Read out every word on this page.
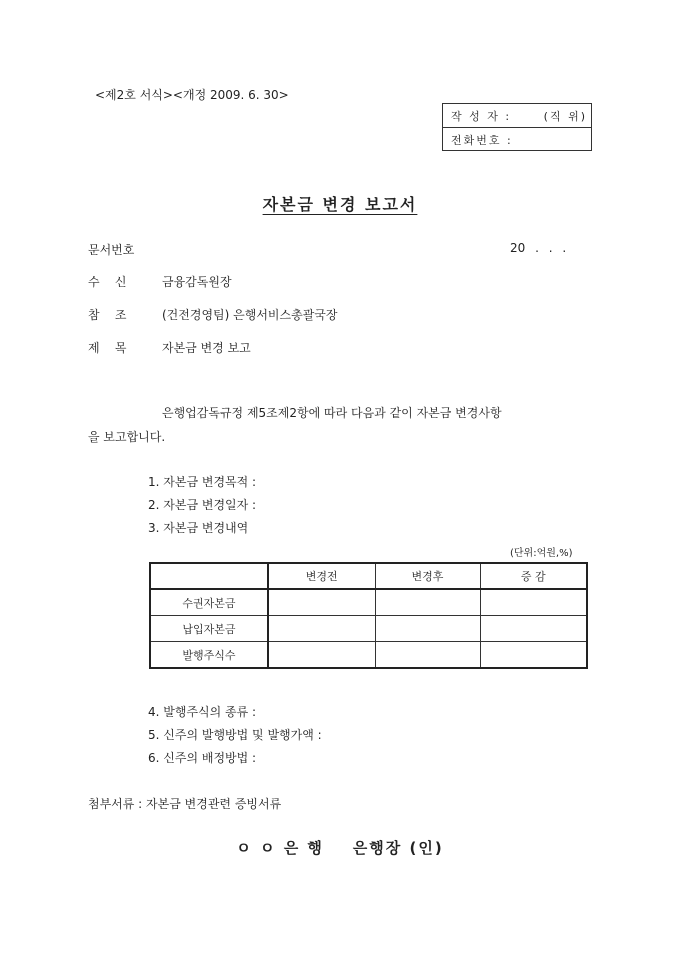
<제2호 서식><개정 2009. 6. 30>
작 성 자 :	(직 위)
전화번호 :
자본금 변경 보고서
문서번호	20 . . .
수    신	금융감독원장
참    조	(건전경영팀) 은행서비스총괄국장
제    목	자본금 변경 보고
은행업감독규정 제5조제2항에 따라 다음과 같이 자본금 변경사항
을 보고합니다.
1. 자본금 변경목적 :
2. 자본금 변경일자 :
3. 자본금 변경내역
(단위:억원,%)
	변경전	변경후	증 감
수권자본금			
납입자본금			
발행주식수			
4. 발행주식의 종류 :
5. 신주의 발행방법 및 발행가액 :
6. 신주의 배정방법 :
첨부서류 : 자본금 변경관련 증빙서류
ㅇ ㅇ 은 행    은행장 (인)
